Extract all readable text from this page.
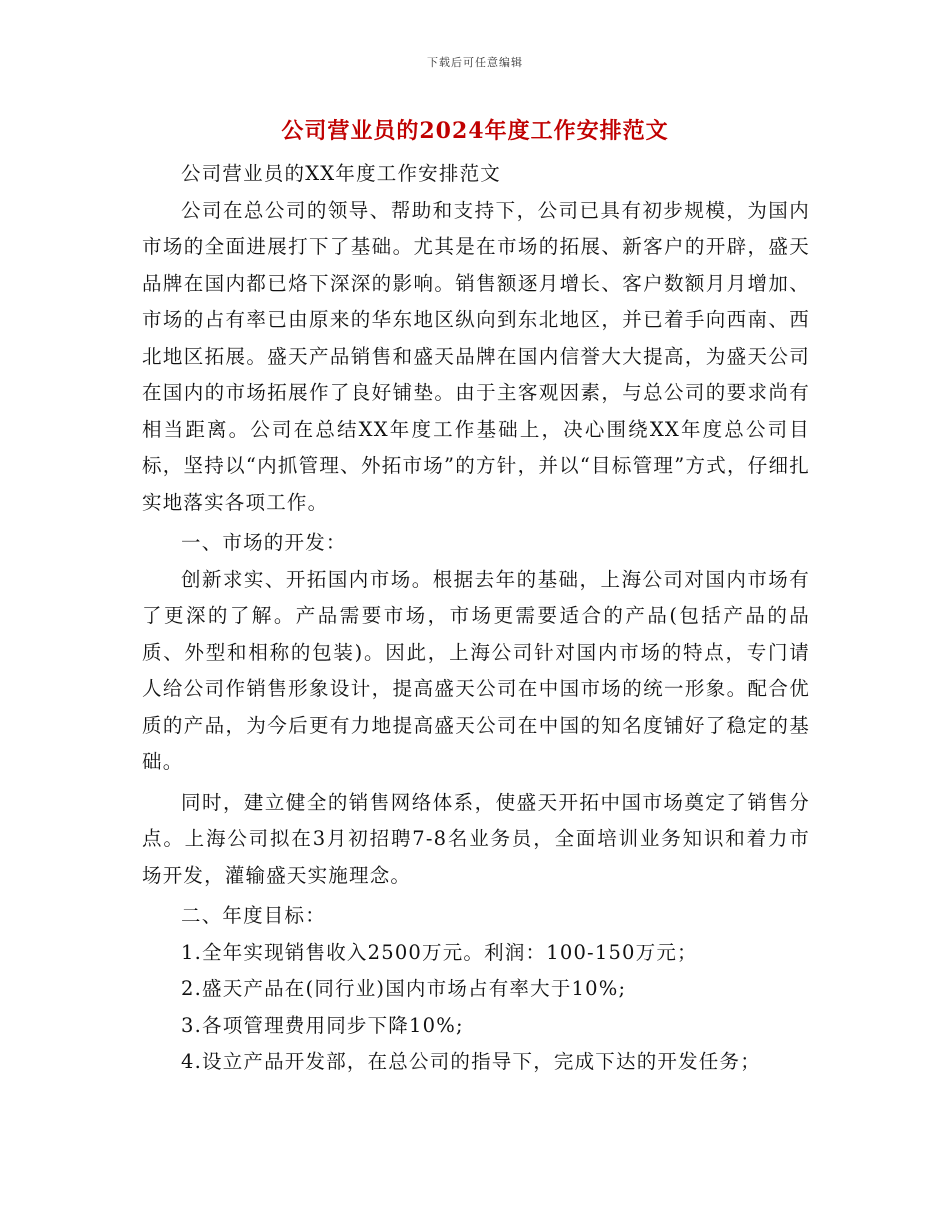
下载后可任意编辑
公司营业员的2024年度工作安排范文

公司营业员的XX年度工作安排范文

公司在总公司的领导、帮助和支持下，公司已具有初步规模，为国内市场的全面进展打下了基础。尤其是在市场的拓展、新客户的开辟，盛天品牌在国内都已烙下深深的影响。销售额逐月增长、客户数额月月增加、市场的占有率已由原来的华东地区纵向到东北地区，并已着手向西南、西北地区拓展。盛天产品销售和盛天品牌在国内信誉大大提高，为盛天公司在国内的市场拓展作了良好铺垫。由于主客观因素，与总公司的要求尚有相当距离。公司在总结XX年度工作基础上，决心围绕XX年度总公司目标，坚持以“内抓管理、外拓市场”的方针，并以“目标管理”方式，仔细扎实地落实各项工作。

一、市场的开发：

创新求实、开拓国内市场。根据去年的基础，上海公司对国内市场有了更深的了解。产品需要市场，市场更需要适合的产品(包括产品的品质、外型和相称的包装)。因此，上海公司针对国内市场的特点，专门请人给公司作销售形象设计，提高盛天公司在中国市场的统一形象。配合优质的产品，为今后更有力地提高盛天公司在中国的知名度铺好了稳定的基础。

同时，建立健全的销售网络体系，使盛天开拓中国市场奠定了销售分点。上海公司拟在3月初招聘7-8名业务员，全面培训业务知识和着力市场开发，灌输盛天实施理念。

二、年度目标：

1.全年实现销售收入2500万元。利润：100-150万元；

2.盛天产品在(同行业)国内市场占有率大于10%;

3.各项管理费用同步下降10%;

4.设立产品开发部，在总公司的指导下，完成下达的开发任务；
